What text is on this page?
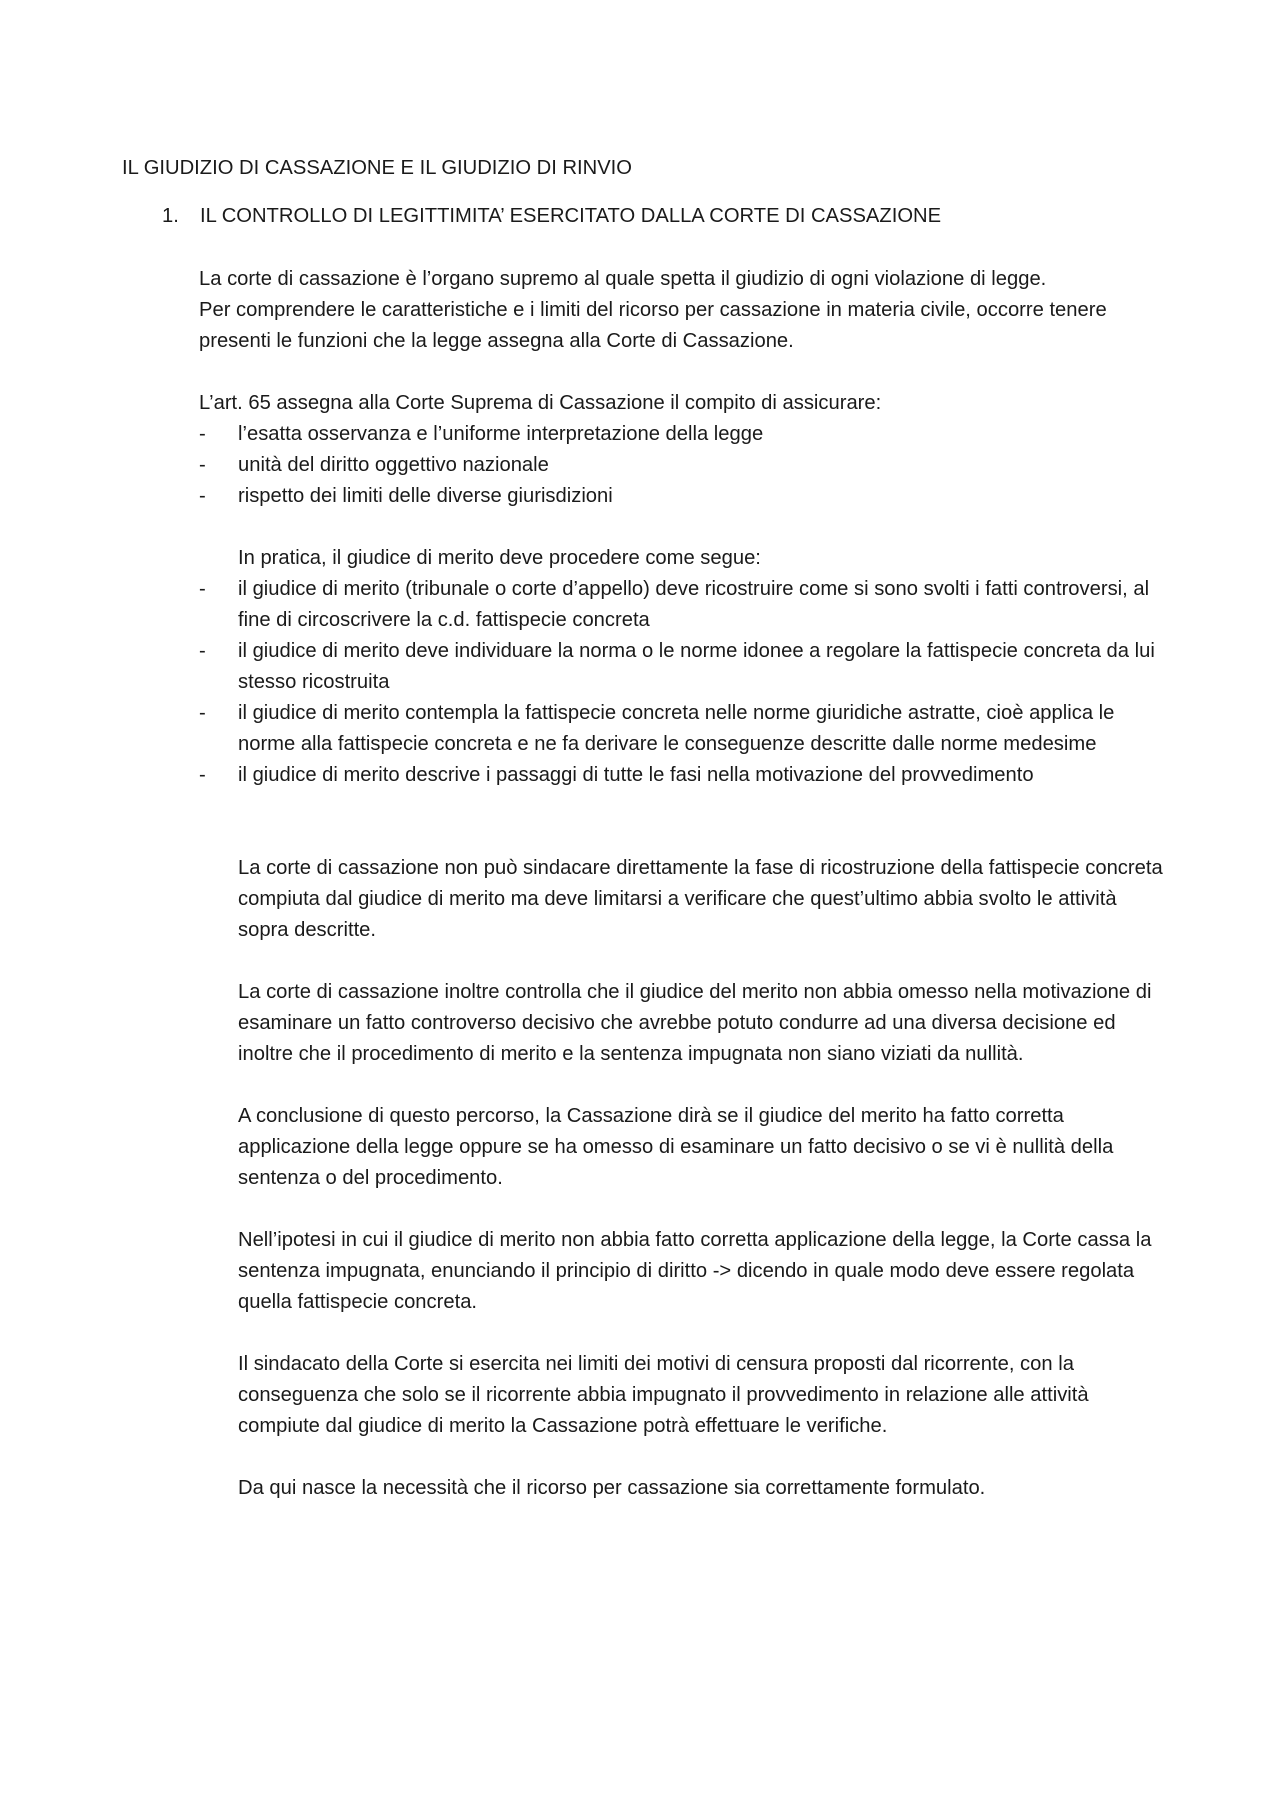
IL GIUDIZIO DI CASSAZIONE E IL GIUDIZIO DI RINVIO
1. IL CONTROLLO DI LEGITTIMITA’ ESERCITATO DALLA CORTE DI CASSAZIONE

La corte di cassazione è l’organo supremo al quale spetta il giudizio di ogni violazione di legge.

Per comprendere le caratteristiche e i limiti del ricorso per cassazione in materia civile, occorre tenere presenti le funzioni che la legge assegna alla Corte di Cassazione.

L’art. 65 assegna alla Corte Suprema di Cassazione il compito di assicurare:
- l’esatta osservanza e l’uniforme interpretazione della legge
- unità del diritto oggettivo nazionale
- rispetto dei limiti delle diverse giurisdizioni
In pratica, il giudice di merito deve procedere come segue:
- il giudice di merito (tribunale o corte d’appello) deve ricostruire come si sono svolti i fatti controversi, al fine di circoscrivere la c.d. fattispecie concreta
- il giudice di merito deve individuare la norma o le norme idonee a regolare la fattispecie concreta da lui stesso ricostruita
- il giudice di merito contempla la fattispecie concreta nelle norme giuridiche astratte, cioè applica le norme alla fattispecie concreta e ne fa derivare le conseguenze descritte dalle norme medesime
- il giudice di merito descrive i passaggi di tutte le fasi nella motivazione del provvedimento

La corte di cassazione non può sindacare direttamente la fase di ricostruzione della fattispecie concreta compiuta dal giudice di merito ma deve limitarsi a verificare che quest’ultimo abbia svolto le attività sopra descritte.

La corte di cassazione inoltre controlla che il giudice del merito non abbia omesso nella motivazione di esaminare un fatto controverso decisivo che avrebbe potuto condurre ad una diversa decisione ed inoltre che il procedimento di merito e la sentenza impugnata non siano viziati da nullità.

A conclusione di questo percorso, la Cassazione dirà se il giudice del merito ha fatto corretta applicazione della legge oppure se ha omesso di esaminare un fatto decisivo o se vi è nullità della sentenza o del procedimento.

Nell’ipotesi in cui il giudice di merito non abbia fatto corretta applicazione della legge, la Corte cassa la sentenza impugnata, enunciando il principio di diritto -> dicendo in quale modo deve essere regolata quella fattispecie concreta.

Il sindacato della Corte si esercita nei limiti dei motivi di censura proposti dal ricorrente, con la conseguenza che solo se il ricorrente abbia impugnato il provvedimento in relazione alle attività compiute dal giudice di merito la Cassazione potrà effettuare le verifiche.

Da qui nasce la necessità che il ricorso per cassazione sia correttamente formulato.
